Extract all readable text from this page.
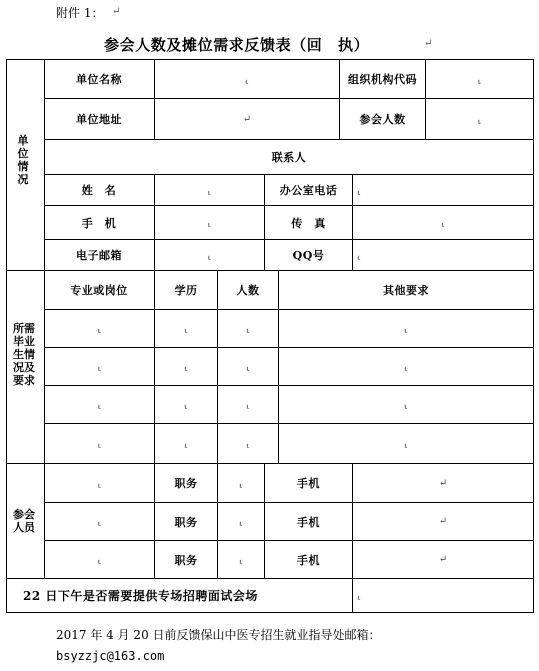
附件 1： ↵
参会人数及摊位需求反馈表（回　执）	↵
单
位
情
况
单位名称	⸤	组织机构代码	⸤
单位地址	↵	参会人数	⸤
联系人
姓　名	⸤	办公室电话	⸤
手　机	⸤	传　真	⸤
电子邮箱	⸤	QQ号	⸤
所需
毕业
生情
况及
要求
专业或岗位	学历	人数	其他要求
⸤	⸤	⸤	⸤
⸤	⸤	⸤	⸤
⸤	⸤	⸤	⸤
⸤	⸤	⸤	⸤
参会
人员
⸤	职务	⸤	手机	↵
⸤	职务	⸤	手机	↵
⸤	职务	⸤	手机	↵
22 日下午是否需要提供专场招聘面试会场	⸤
2017 年 4 月 20 日前反馈保山中医专招生就业指导处邮箱：
bsyzzjc@163.com
